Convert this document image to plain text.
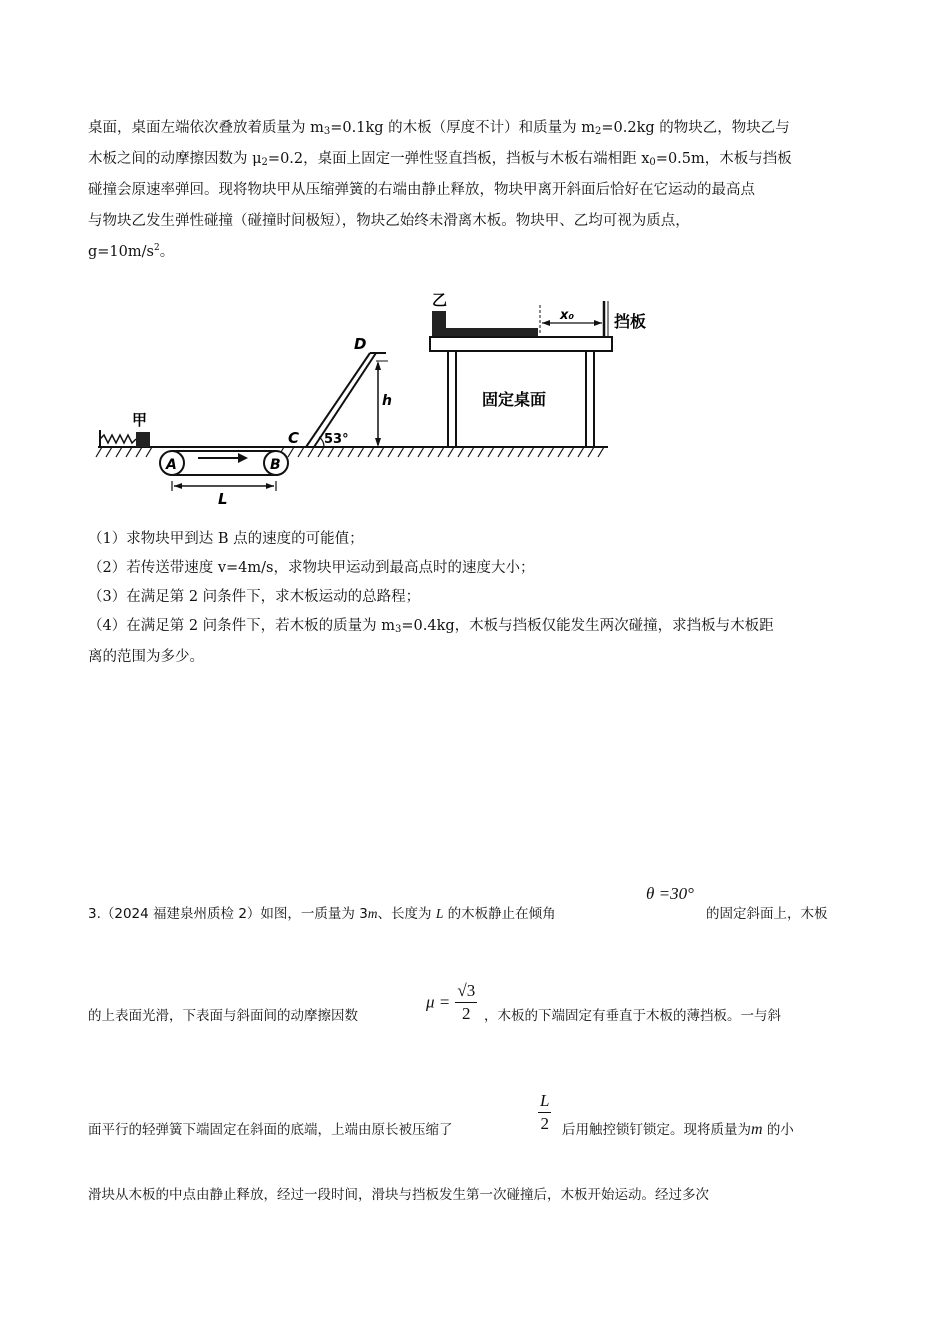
桌面，桌面左端依次叠放着质量为 m3=0.1kg 的木板（厚度不计）和质量为 m2=0.2kg 的物块乙，物块乙与
木板之间的动摩擦因数为 μ2=0.2，桌面上固定一弹性竖直挡板，挡板与木板右端相距 x0=0.5m，木板与挡板
碰撞会原速率弹回。现将物块甲从压缩弹簧的右端由静止释放，物块甲离开斜面后恰好在它运动的最高点
与物块乙发生弹性碰撞（碰撞时间极短），物块乙始终未滑离木板。物块甲、乙均可视为质点，
$g=10m/s^2$。
甲
A	B
L
D
C 53°
h	固定桌面
乙
x₀ 挡板
（1）求物块甲到达 B 点的速度的可能值；
（2）若传送带速度 v=4m/s，求物块甲运动到最高点时的速度大小；
（3）在满足第 2 问条件下，求木板运动的总路程；
（4）在满足第 2 问条件下，若木板的质量为 m3=0.4kg，木板与挡板仅能发生两次碰撞，求挡板与木板距
离的范围为多少。
3.（2024 福建泉州质检 2）如图，一质量为 3m、长度为 L 的木板静止在倾角
θ =30°
的固定斜面上，木板
的上表面光滑，下表面与斜面间的动摩擦因数
$\mu = \frac{√3}{2}$ ，木板的下端固定有垂直于木板的薄挡板。一与斜
面平行的轻弹簧下端固定在斜面的底端，上端由原长被压缩了	$\frac{L}{2}$ 后用触控锁钉锁定。现将质量为m 的小
滑块从木板的中点由静止释放，经过一段时间，滑块与挡板发生第一次碰撞后，木板开始运动。经过多次
